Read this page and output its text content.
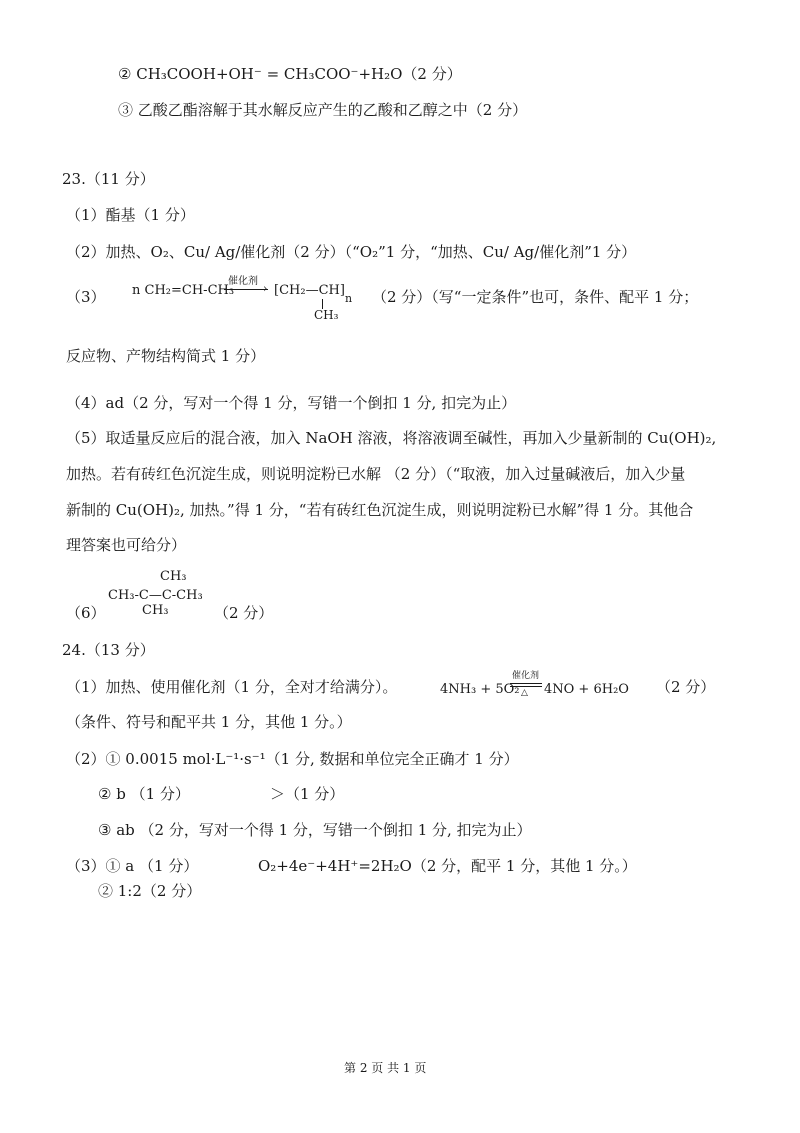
② CH₃COOH+OH⁻ = CH₃COO⁻+H₂O（2 分）
③ 乙酸乙酯溶解于其水解反应产生的乙酸和乙醇之中（2 分）
23.（11 分）
（1）酯基（1 分）
（2）加热、O₂、Cu/ Ag/催化剂（2 分）（“O₂”1 分，“加热、Cu/ Ag/催化剂”1 分）
（3） n CH₂=CH-CH₃
催化剂
› [CH₂—CH]
n
CH₃
（2 分）（写“一定条件”也可，条件、配平 1 分；
反应物、产物结构简式 1 分）
（4）ad（2 分，写对一个得 1 分，写错一个倒扣 1 分, 扣完为止）
（5）取适量反应后的混合液，加入 NaOH 溶液，将溶液调至碱性，再加入少量新制的 Cu(OH)₂,
加热。若有砖红色沉淀生成，则说明淀粉已水解 （2 分）（“取液，加入过量碱液后，加入少量
新制的 Cu(OH)₂, 加热。”得 1 分，“若有砖红色沉淀生成，则说明淀粉已水解”得 1 分。其他合
理答案也可给分）
（6）
CH₃
CH₃-C—C-CH₃
CH₃	（2 分）
24.（13 分）
（1）加热、使用催化剂（1 分，全对才给满分）。	4NH₃ + 5O₂
催化剂
△ 4NO + 6H₂O （2 分）
（条件、符号和配平共 1 分，其他 1 分。）
（2）① 0.0015 mol·L⁻¹·s⁻¹（1 分, 数据和单位完全正确才 1 分）
② b （1 分）	＞（1 分）
③ ab （2 分，写对一个得 1 分，写错一个倒扣 1 分, 扣完为止）
（3）① a （1 分）	O₂+4e⁻+4H⁺=2H₂O（2 分，配平 1 分，其他 1 分。）
② 1:2（2 分）
第 2 页 共 1 页
